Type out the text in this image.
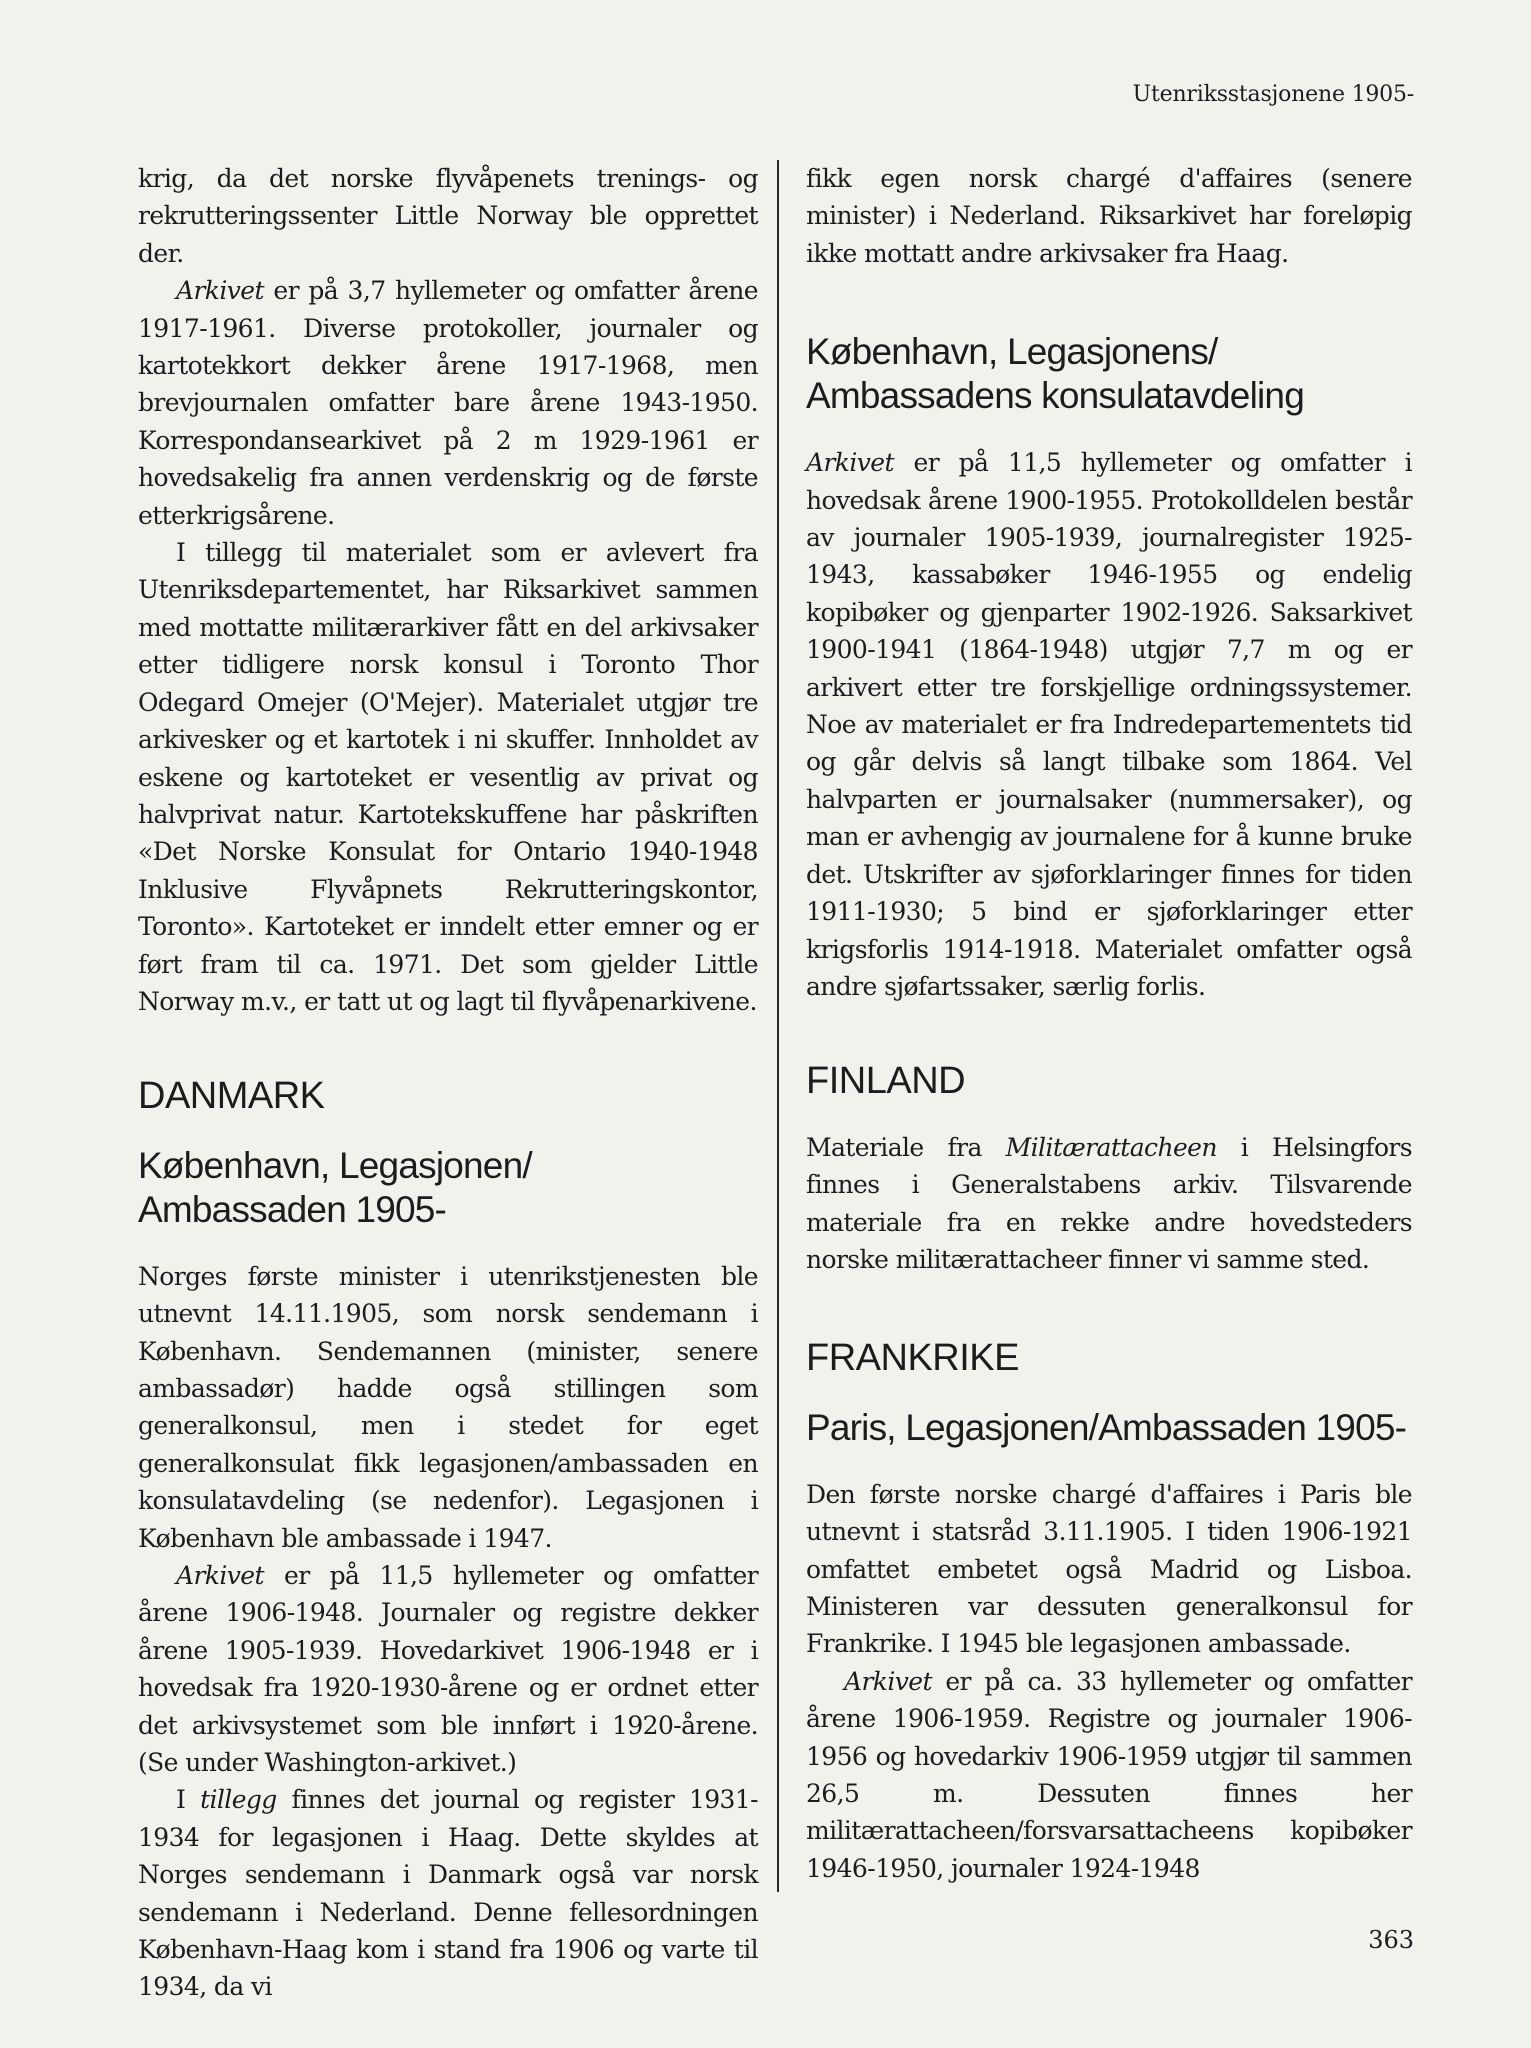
Utenriksstasjonene 1905-

krig, da det norske flyvåpenets trenings- og rekrutteringssenter Little Norway ble opprettet der.

Arkivet er på 3,7 hyllemeter og omfatter årene 1917-1961. Diverse protokoller, journaler og kartotekkort dekker årene 1917-1968, men brevjournalen omfatter bare årene 1943-1950. Korrespondansearkivet på 2 m 1929-1961 er hovedsakelig fra annen verdenskrig og de første etterkrigsårene.

I tillegg til materialet som er avlevert fra Utenriksdepartementet, har Riksarkivet sammen med mottatte militærarkiver fått en del arkivsaker etter tidligere norsk konsul i Toronto Thor Odegard Omejer (O'Mejer). Materialet utgjør tre arkivesker og et kartotek i ni skuffer. Innholdet av eskene og kartoteket er vesentlig av privat og halvprivat natur. Kartotekskuffene har påskriften «Det Norske Konsulat for Ontario 1940-1948 Inklusive Flyvåpnets Rekrutteringskontor, Toronto». Kartoteket er inndelt etter emner og er ført fram til ca. 1971. Det som gjelder Little Norway m.v., er tatt ut og lagt til flyvåpenarkivene.

DANMARK
København, Legasjonen/
Ambassaden 1905-

Norges første minister i utenrikstjenesten ble utnevnt 14.11.1905, som norsk sendemann i København. Sendemannen (minister, senere ambassadør) hadde også stillingen som generalkonsul, men i stedet for eget generalkonsulat fikk legasjonen/ambassaden en konsulatavdeling (se nedenfor). Legasjonen i København ble ambassade i 1947.

Arkivet er på 11,5 hyllemeter og omfatter årene 1906-1948. Journaler og registre dekker årene 1905-1939. Hovedarkivet 1906-1948 er i hovedsak fra 1920-1930-årene og er ordnet etter det arkivsystemet som ble innført i 1920-årene. (Se under Washington-arkivet.)

I tillegg finnes det journal og register 1931-1934 for legasjonen i Haag. Dette skyldes at Norges sendemann i Danmark også var norsk sendemann i Nederland. Denne fellesordningen København-Haag kom i stand fra 1906 og varte til 1934, da vi

fikk egen norsk chargé d'affaires (senere minister) i Nederland. Riksarkivet har foreløpig ikke mottatt andre arkivsaker fra Haag.

København, Legasjonens/
Ambassadens konsulatavdeling

Arkivet er på 11,5 hyllemeter og omfatter i hovedsak årene 1900-1955. Protokolldelen består av journaler 1905-1939, journalregister 1925-1943, kassabøker 1946-1955 og endelig kopibøker og gjenparter 1902-1926. Saksarkivet 1900-1941 (1864-1948) utgjør 7,7 m og er arkivert etter tre forskjellige ordningssystemer. Noe av materialet er fra Indredepartementets tid og går delvis så langt tilbake som 1864. Vel halvparten er journalsaker (nummersaker), og man er avhengig av journalene for å kunne bruke det. Utskrifter av sjøforklaringer finnes for tiden 1911-1930; 5 bind er sjøforklaringer etter krigsforlis 1914-1918. Materialet omfatter også andre sjøfartssaker, særlig forlis.

FINLAND

Materiale fra Militærattacheen i Helsingfors finnes i Generalstabens arkiv. Tilsvarende materiale fra en rekke andre hovedsteders norske militærattacheer finner vi samme sted.

FRANKRIKE
Paris, Legasjonen/Ambassaden 1905-

Den første norske chargé d'affaires i Paris ble utnevnt i statsråd 3.11.1905. I tiden 1906-1921 omfattet embetet også Madrid og Lisboa. Ministeren var dessuten generalkonsul for Frankrike. I 1945 ble legasjonen ambassade.

Arkivet er på ca. 33 hyllemeter og omfatter årene 1906-1959. Registre og journaler 1906-1956 og hovedarkiv 1906-1959 utgjør til sammen 26,5 m. Dessuten finnes her militærattacheen/forsvarsattacheens kopibøker 1946-1950, journaler 1924-1948

363
